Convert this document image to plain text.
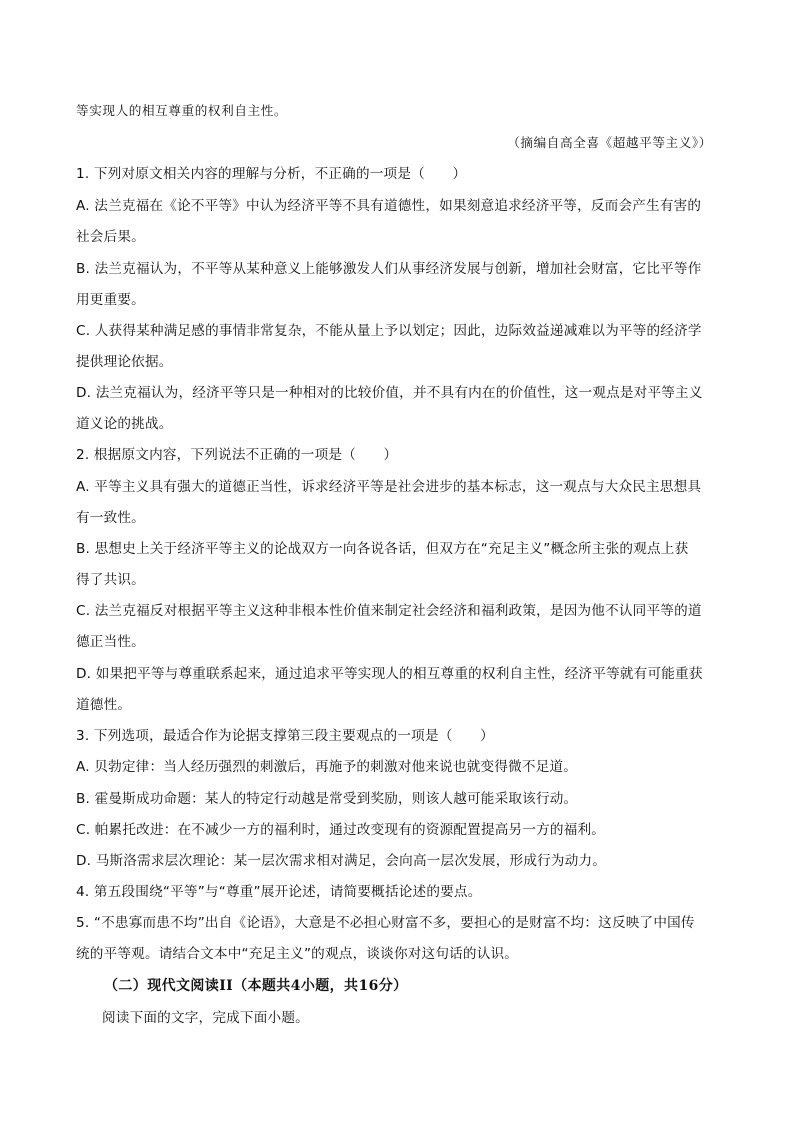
等实现人的相互尊重的权利自主性。
（摘编自高全喜《超越平等主义》）
1. 下列对原文相关内容的理解与分析，不正确的一项是（　　）
A. 法兰克福在《论不平等》中认为经济平等不具有道德性，如果刻意追求经济平等，反而会产生有害的
社会后果。
B. 法兰克福认为，不平等从某种意义上能够激发人们从事经济发展与创新，增加社会财富，它比平等作
用更重要。
C. 人获得某种满足感的事情非常复杂，不能从量上予以划定；因此，边际效益递减难以为平等的经济学
提供理论依据。
D. 法兰克福认为，经济平等只是一种相对的比较价值，并不具有内在的价值性，这一观点是对平等主义
道义论的挑战。
2. 根据原文内容，下列说法不正确的一项是（　　）
A. 平等主义具有强大的道德正当性，诉求经济平等是社会进步的基本标志，这一观点与大众民主思想具
有一致性。
B. 思想史上关于经济平等主义的论战双方一向各说各话，但双方在“充足主义”概念所主张的观点上获
得了共识。
C. 法兰克福反对根据平等主义这种非根本性价值来制定社会经济和福利政策，是因为他不认同平等的道
德正当性。
D. 如果把平等与尊重联系起来，通过追求平等实现人的相互尊重的权利自主性，经济平等就有可能重获
道德性。
3. 下列选项，最适合作为论据支撑第三段主要观点的一项是（　　）
A. 贝勃定律：当人经历强烈的刺激后，再施予的刺激对他来说也就变得微不足道。
B. 霍曼斯成功命题：某人的特定行动越是常受到奖励，则该人越可能采取该行动。
C. 帕累托改进：在不减少一方的福利时，通过改变现有的资源配置提高另一方的福利。
D. 马斯洛需求层次理论：某一层次需求相对满足，会向高一层次发展，形成行为动力。
4. 第五段围绕“平等”与“尊重”展开论述，请简要概括论述的要点。
5. “不患寡而患不均”出自《论语》，大意是不必担心财富不多，要担心的是财富不均：这反映了中国传
统的平等观。请结合文本中“充足主义”的观点，谈谈你对这句话的认识。
（二）现代文阅读II（本题共4小题，共16分）
阅读下面的文字，完成下面小题。
